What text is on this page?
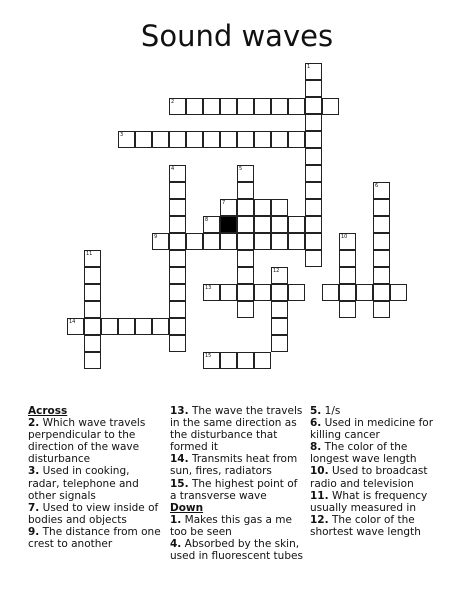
Sound waves
1
2
3
4	5
6
7
8
9	10
11
12
13
14
15
Across

2. Which wave travels perpendicular to the direction of the wave disturbance

3. Used in cooking, radar, telephone and other signals

7. Used to view inside of bodies and objects

9. The distance from one crest to another

13. The wave the travels in the same direction as the disturbance that formed it

14. Transmits heat from sun, fires, radiators

15. The highest point of a transverse wave

Down

1. Makes this gas a me too be seen

4. Absorbed by the skin, used in fluorescent tubes

5. 1/s

6. Used in medicine for killing cancer

8. The color of the longest wave length

10. Used to broadcast radio and television

11. What is frequency usually measured in

12. The color of the shortest wave length
